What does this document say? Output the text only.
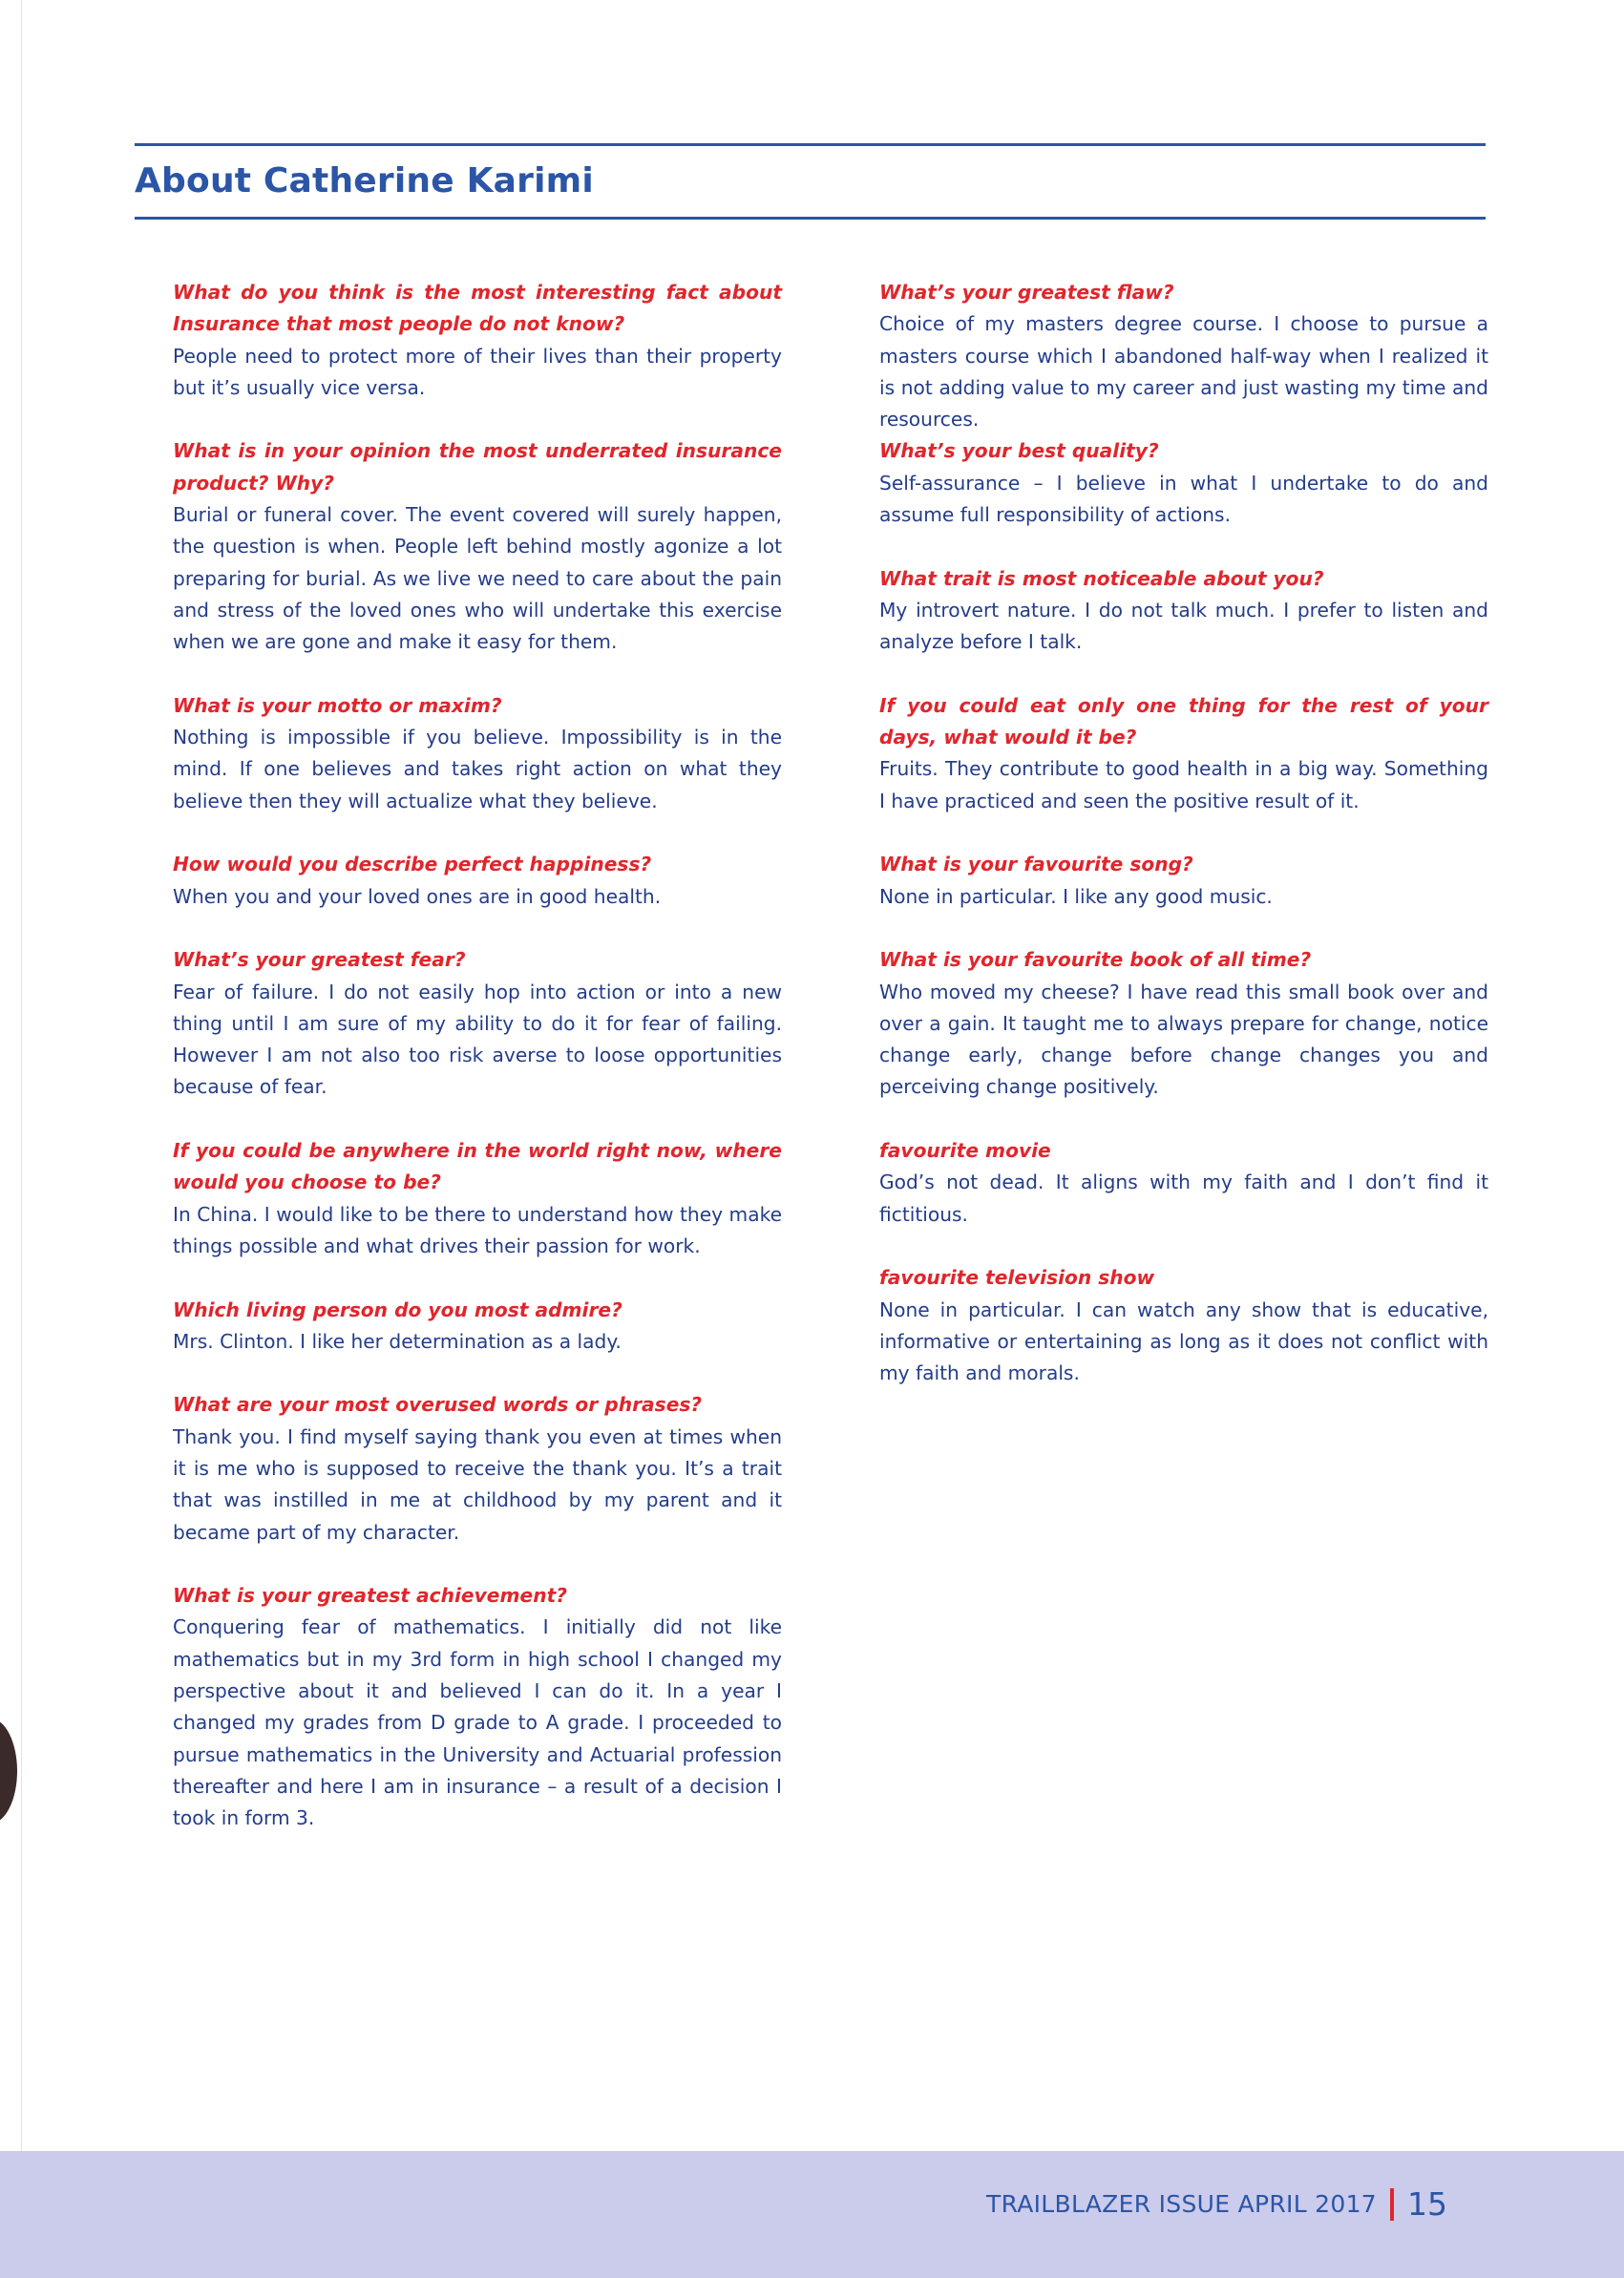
About Catherine Karimi

What do you think is the most interesting fact about Insurance that most people do not know?

People need to protect more of their lives than their property but it’s usually vice versa.

What is in your opinion the most underrated insurance product? Why?

Burial or funeral cover. The event covered will surely happen, the question is when. People left behind mostly agonize a lot preparing for burial. As we live we need to care about the pain and stress of the loved ones who will undertake this exercise when we are gone and make it easy for them.

What is your motto or maxim?

Nothing is impossible if you believe. Impossibility is in the mind. If one believes and takes right action on what they believe then they will actualize what they believe.

How would you describe perfect happiness?

When you and your loved ones are in good health.

What’s your greatest fear?

Fear of failure. I do not easily hop into action or into a new thing until I am sure of my ability to do it for fear of failing. However I am not also too risk averse to loose opportunities because of fear.

If you could be anywhere in the world right now, where would you choose to be?

In China. I would like to be there to understand how they make things possible and what drives their passion for work.

Which living person do you most admire?

Mrs. Clinton. I like her determination as a lady.

What are your most overused words or phrases?

Thank you. I find myself saying thank you even at times when it is me who is supposed to receive the thank you. It’s a trait that was instilled in me at childhood by my parent and it became part of my character.

What is your greatest achievement?

Conquering fear of mathematics. I initially did not like mathematics but in my 3rd form in high school I changed my perspective about it and believed I can do it. In a year I changed my grades from D grade to A grade. I proceeded to pursue mathematics in the University and Actuarial profession thereafter and here I am in insurance – a result of a decision I took in form 3.

What’s your greatest flaw?

Choice of my masters degree course. I choose to pursue a masters course which I abandoned half-way when I realized it is not adding value to my career and just wasting my time and resources.

What’s your best quality?

Self-assurance – I believe in what I undertake to do and assume full responsibility of actions.

What trait is most noticeable about you?

My introvert nature. I do not talk much. I prefer to listen and analyze before I talk.

If you could eat only one thing for the rest of your days, what would it be?

Fruits. They contribute to good health in a big way. Something I have practiced and seen the positive result of it.

What is your favourite song?

None in particular. I like any good music.

What is your favourite book of all time?

Who moved my cheese? I have read this small book over and over a gain. It taught me to always prepare for change, notice change early, change before change changes you and perceiving change positively.

favourite movie

God’s not dead. It aligns with my faith and I don’t find it fictitious.

favourite television show

None in particular. I can watch any show that is educative, informative or entertaining as long as it does not conflict with my faith and morals.

TRAILBLAZER ISSUE APRIL 2017 15
